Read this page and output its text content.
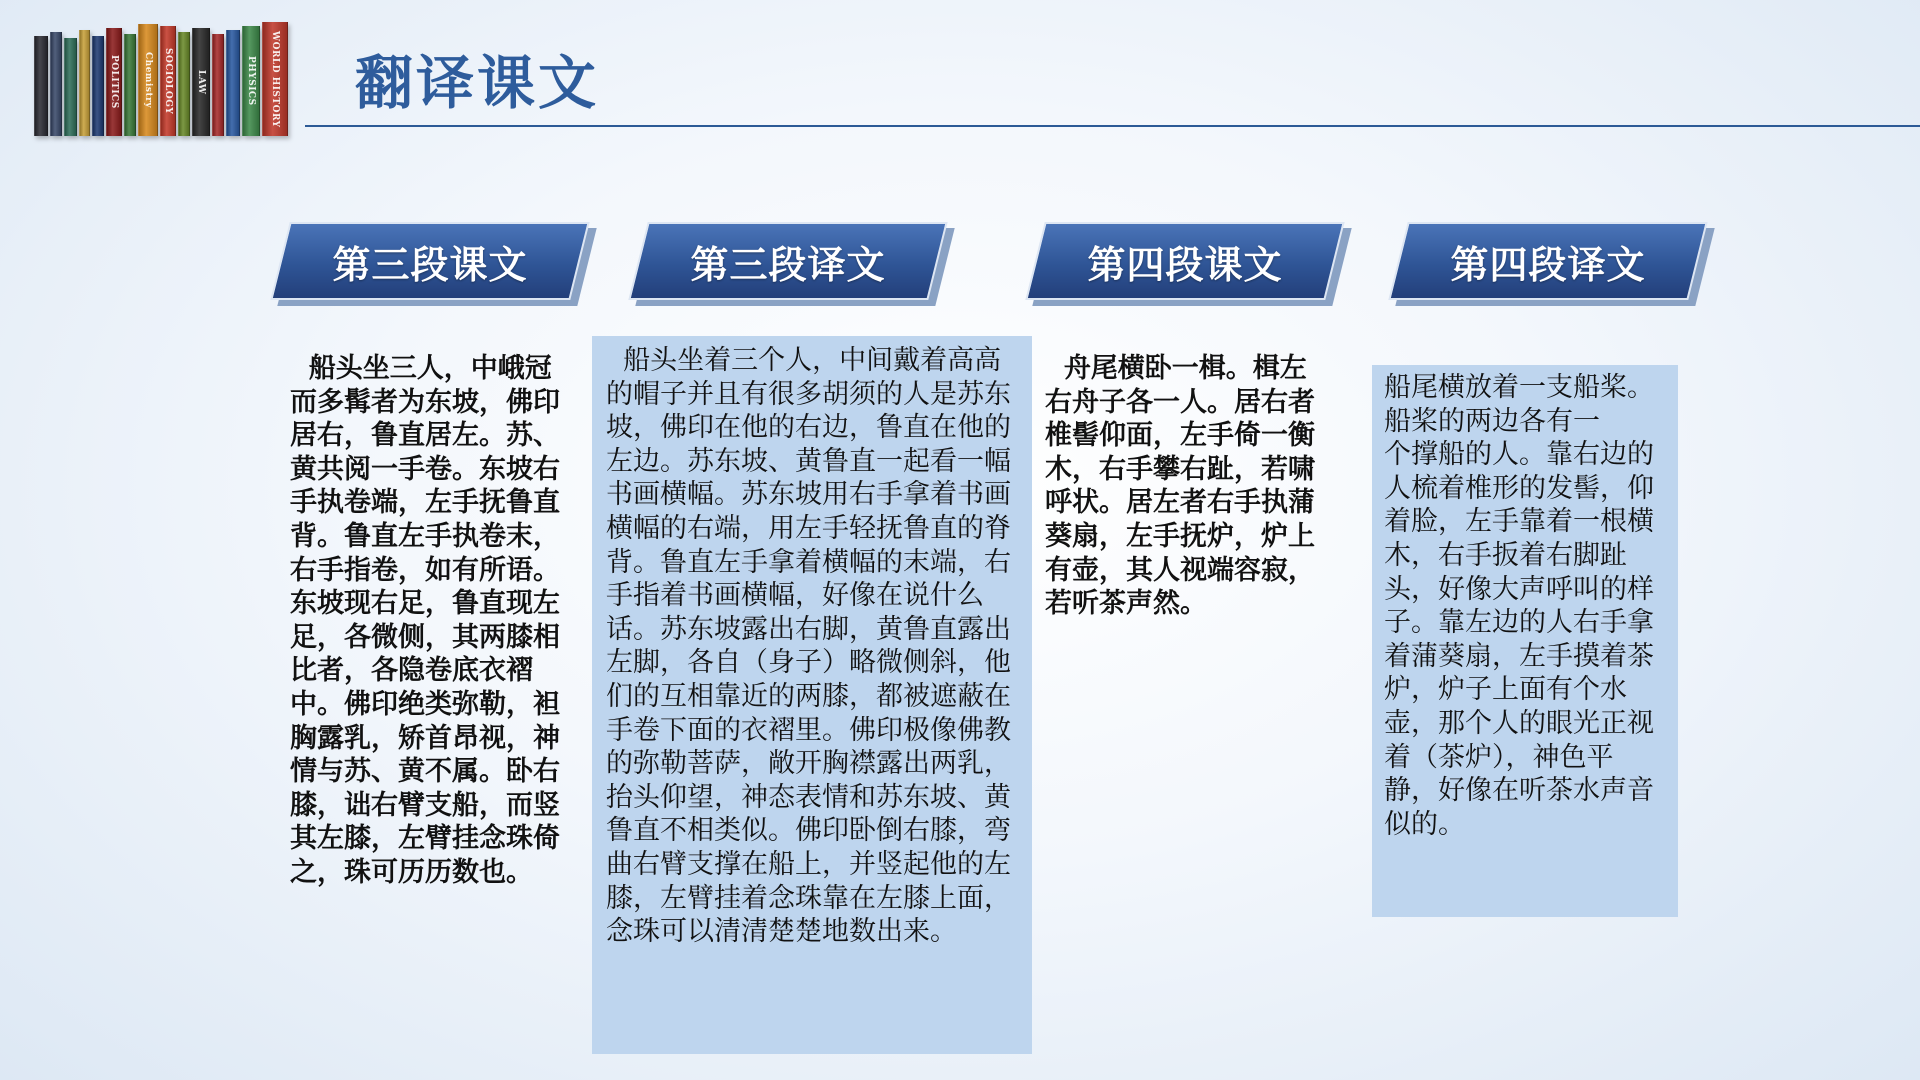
POLITICS	Chemistry	SOCIOLOGY	LAW	PHYSICS	WORLD HISTORY 翻译课文
第三段课文	第三段译文	第四段课文	第四段译文

船头坐三人，中峨冠而多髯者为东坡，佛印居右，鲁直居左。苏、黄共阅一手卷。东坡右手执卷端，左手抚鲁直背。鲁直左手执卷末，右手指卷，如有所语。东坡现右足，鲁直现左足，各微侧，其两膝相比者，各隐卷底衣褶中。佛印绝类弥勒，袒胸露乳，矫首昂视，神情与苏、黄不属。卧右膝，诎右臂支船，而竖其左膝，左臂挂念珠倚之，珠可历历数也。

船头坐着三个人，中间戴着高高的帽子并且有很多胡须的人是苏东坡，佛印在他的右边，鲁直在他的左边。苏东坡、黄鲁直一起看一幅书画横幅。苏东坡用右手拿着书画横幅的右端，用左手轻抚鲁直的脊背。鲁直左手拿着横幅的末端，右手指着书画横幅，好像在说什么话。苏东坡露出右脚，黄鲁直露出左脚，各自（身子）略微侧斜，他们的互相靠近的两膝，都被遮蔽在手卷下面的衣褶里。佛印极像佛教的弥勒菩萨，敞开胸襟露出两乳，抬头仰望，神态表情和苏东坡、黄鲁直不相类似。佛印卧倒右膝，弯曲右臂支撑在船上，并竖起他的左膝，左臂挂着念珠靠在左膝上面，念珠可以清清楚楚地数出来。

舟尾横卧一楫。楫左右舟子各一人。居右者椎髻仰面，左手倚一衡木，右手攀右趾，若啸呼状。居左者右手执蒲葵扇，左手抚炉，炉上有壶，其人视端容寂，若听茶声然。

船尾横放着一支船桨。船桨的两边各有一
个撑船的人。靠右边的人梳着椎形的发髻，仰着脸，左手靠着一根横木，右手扳着右脚趾头，好像大声呼叫的样子。靠左边的人右手拿着蒲葵扇，左手摸着茶炉，炉子上面有个水壶，那个人的眼光正视着（茶炉），神色平静，好像在听茶水声音似的。
